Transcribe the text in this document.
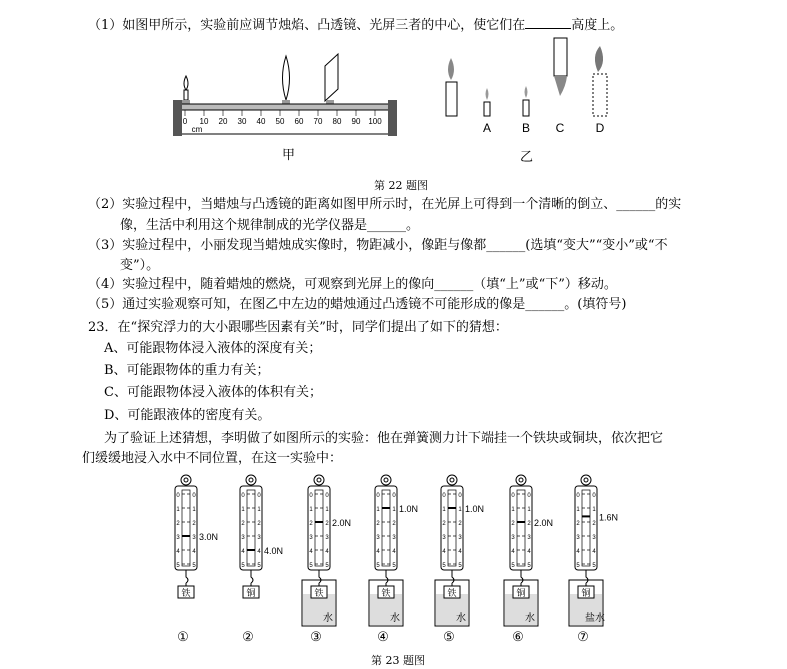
（1）如图甲所示，实验前应调节烛焰、凸透镜、光屏三者的中心，使它们在	高度上。
0 10 20 30 40 50 60 70 80 90 100
cm
甲
A	B C	D
乙
第 22 题图
（2）实验过程中，当蜡烛与凸透镜的距离如图甲所示时，在光屏上可得到一个清晰的倒立、______的实
像，生活中利用这个规律制成的光学仪器是______。
（3）实验过程中，小丽发现当蜡烛成实像时，物距减小，像距与像都______(选填“变大”“变小”或“不
变”）。
（4）实验过程中，随着蜡烛的燃烧，可观察到光屏上的像向______（填“上”或“下”）移动。
（5）通过实验观察可知，在图乙中左边的蜡烛通过凸透镜不可能形成的像是______。(填符号)
23．在“探究浮力的大小跟哪些因素有关”时，同学们提出了如下的猜想：
A、可能跟物体浸入液体的深度有关；
B、可能跟物体的重力有关；
C、可能跟物体浸入液体的体积有关；
D、可能跟液体的密度有关。
为了验证上述猜想，李明做了如图所示的实验：他在弹簧测力计下端挂一个铁块或铜块，依次把它
们缓缓地浸入水中不同位置，在这一实验中：
0 0
1 1
2 2
3 3
4 4
5 5
3.0N
铁
①
0 0
1 1
2 2
3 3
4 4
5 5
4.0N
铜
②
0 0
1 1
2 2
3 3
4 4
5 5
2.0N
水
铁
③
0 0
1 1
2 2
3 3
4 4
5 5
1.0N
水
铁
④
0 0
1 1
2 2
3 3
4 4
5 5
1.0N
水
铁
⑤
0 0
1 1
2 2
3 3
4 4
5 5
2.0N
水
铜
⑥
0 0
1 1
2 2
3 3
4 4
5 5
1.6N
盐水
铜
⑦
第 23 题图
